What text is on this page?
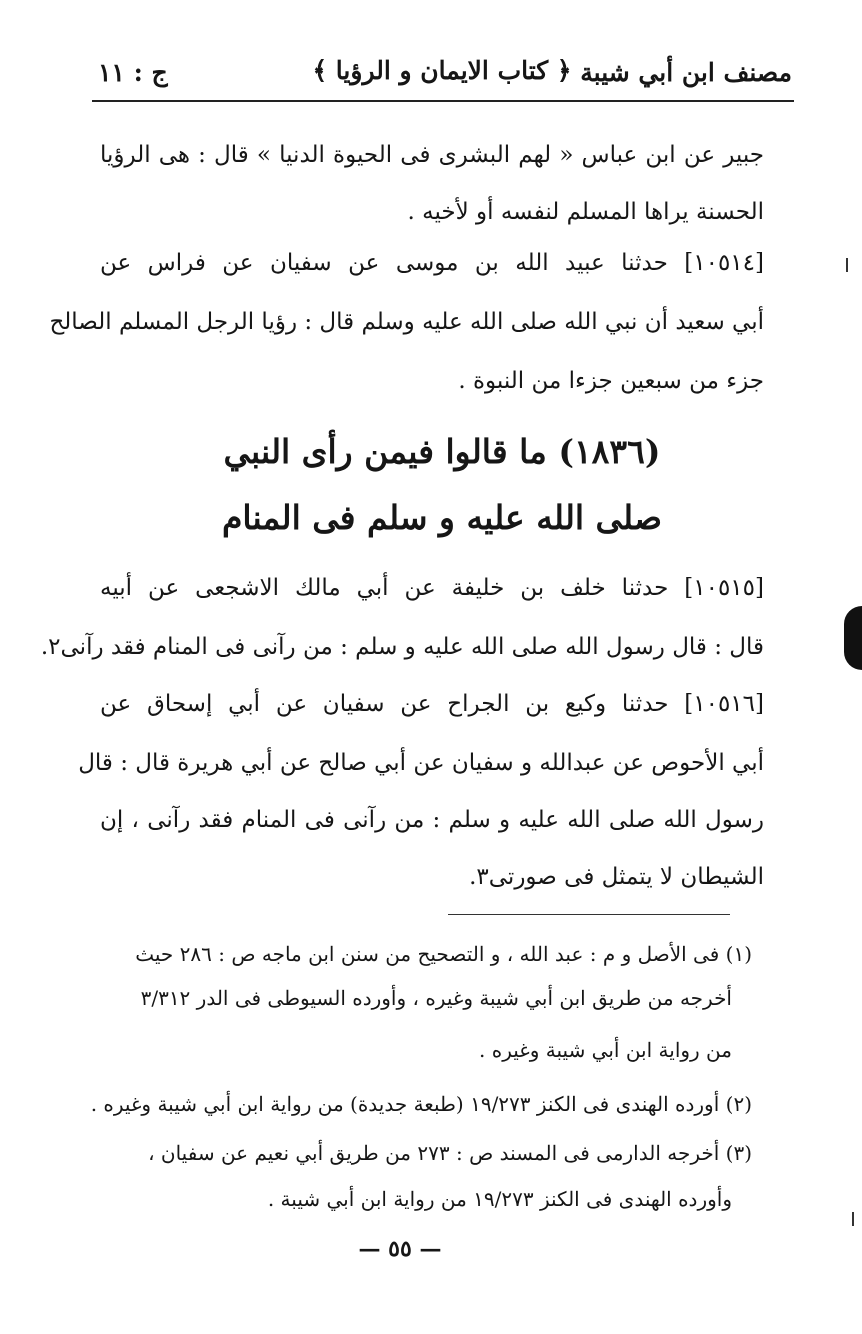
مصنف ابن أبي شيبة
﴿ كتاب الايمان و الرؤيا ﴾
ج : ١١
جبير عن ابن عباس « لهم البشرى فى الحيوة الدنيا » قال : هى الرؤيا
الحسنة يراها المسلم لنفسه أو لأخيه .
[١٠٥١٤] حدثنا عبيد الله بن موسى عن سفيان عن فراس عن
أبي سعيد أن نبي الله صلى الله عليه وسلم قال : رؤيا الرجل المسلم الصالح
جزء من سبعين جزءا من النبوة .
(١٨٣٦) ما قالوا فيمن رأى النبي
صلى الله عليه و سلم فى المنام
[١٠٥١٥] حدثنا خلف بن خليفة عن أبي مالك الاشجعى عن أبيه
قال : قال رسول الله صلى الله عليه و سلم : من رآنى فى المنام فقد رآنى٢.
[١٠٥١٦] حدثنا وكيع بن الجراح عن سفيان عن أبي إسحاق عن
أبي الأحوص عن عبدالله و سفيان عن أبي صالح عن أبي هريرة قال : قال
رسول الله صلى الله عليه و سلم : من رآنى فى المنام فقد رآنى ، إن
الشيطان لا يتمثل فى صورتى٣.
(١) فى الأصل و م : عبد الله ، و التصحيح من سنن ابن ماجه ص : ٢٨٦ حيث
أخرجه من طريق ابن أبي شيبة وغيره ، وأورده السيوطى فى الدر ٣/٣١٢
من رواية ابن أبي شيبة وغيره .
(٢) أورده الهندى فى الكنز ١٩/٢٧٣ (طبعة جديدة) من رواية ابن أبي شيبة وغيره .
(٣) أخرجه الدارمى فى المسند ص : ٢٧٣ من طريق أبي نعيم عن سفيان ،
وأورده الهندى فى الكنز ١٩/٢٧٣ من رواية ابن أبي شيبة .
— ٥٥ —
